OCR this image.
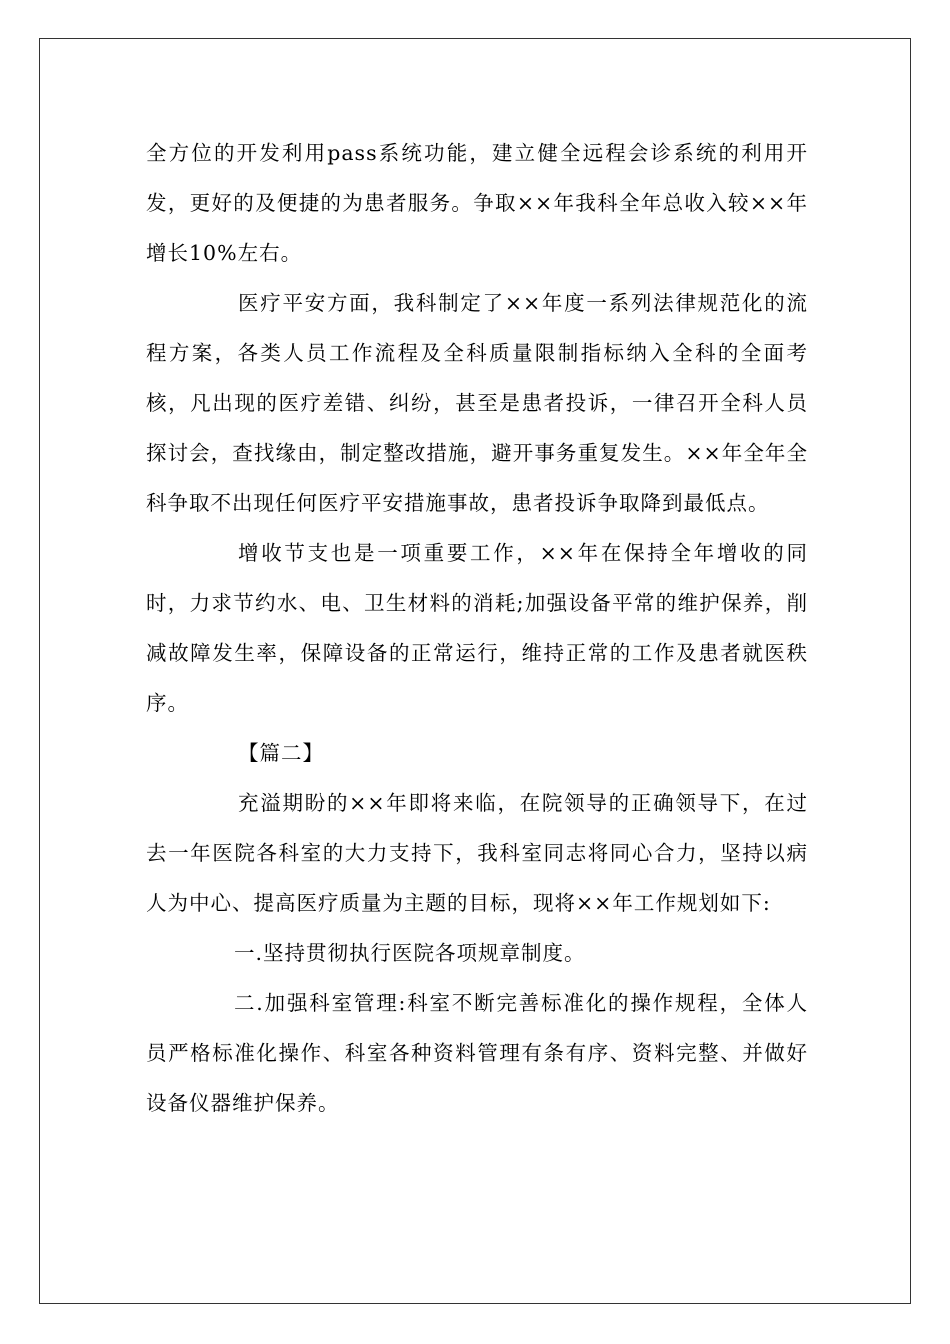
全方位的开发利用pass系统功能，建立健全远程会诊系统的利用开发，更好的及便捷的为患者服务。争取××年我科全年总收入较××年增长10%左右。

医疗平安方面，我科制定了××年度一系列法律规范化的流程方案，各类人员工作流程及全科质量限制指标纳入全科的全面考核，凡出现的医疗差错、纠纷，甚至是患者投诉，一律召开全科人员探讨会，查找缘由，制定整改措施，避开事务重复发生。××年全年全科争取不出现任何医疗平安措施事故，患者投诉争取降到最低点。

增收节支也是一项重要工作，××年在保持全年增收的同时，力求节约水、电、卫生材料的消耗;加强设备平常的维护保养，削减故障发生率，保障设备的正常运行，维持正常的工作及患者就医秩序。

【篇二】

充溢期盼的××年即将来临，在院领导的正确领导下，在过去一年医院各科室的大力支持下，我科室同志将同心合力，坚持以病人为中心、提高医疗质量为主题的目标，现将××年工作规划如下:

一.坚持贯彻执行医院各项规章制度。

二.加强科室管理:科室不断完善标准化的操作规程，全体人员严格标准化操作、科室各种资料管理有条有序、资料完整、并做好设备仪器维护保养。
